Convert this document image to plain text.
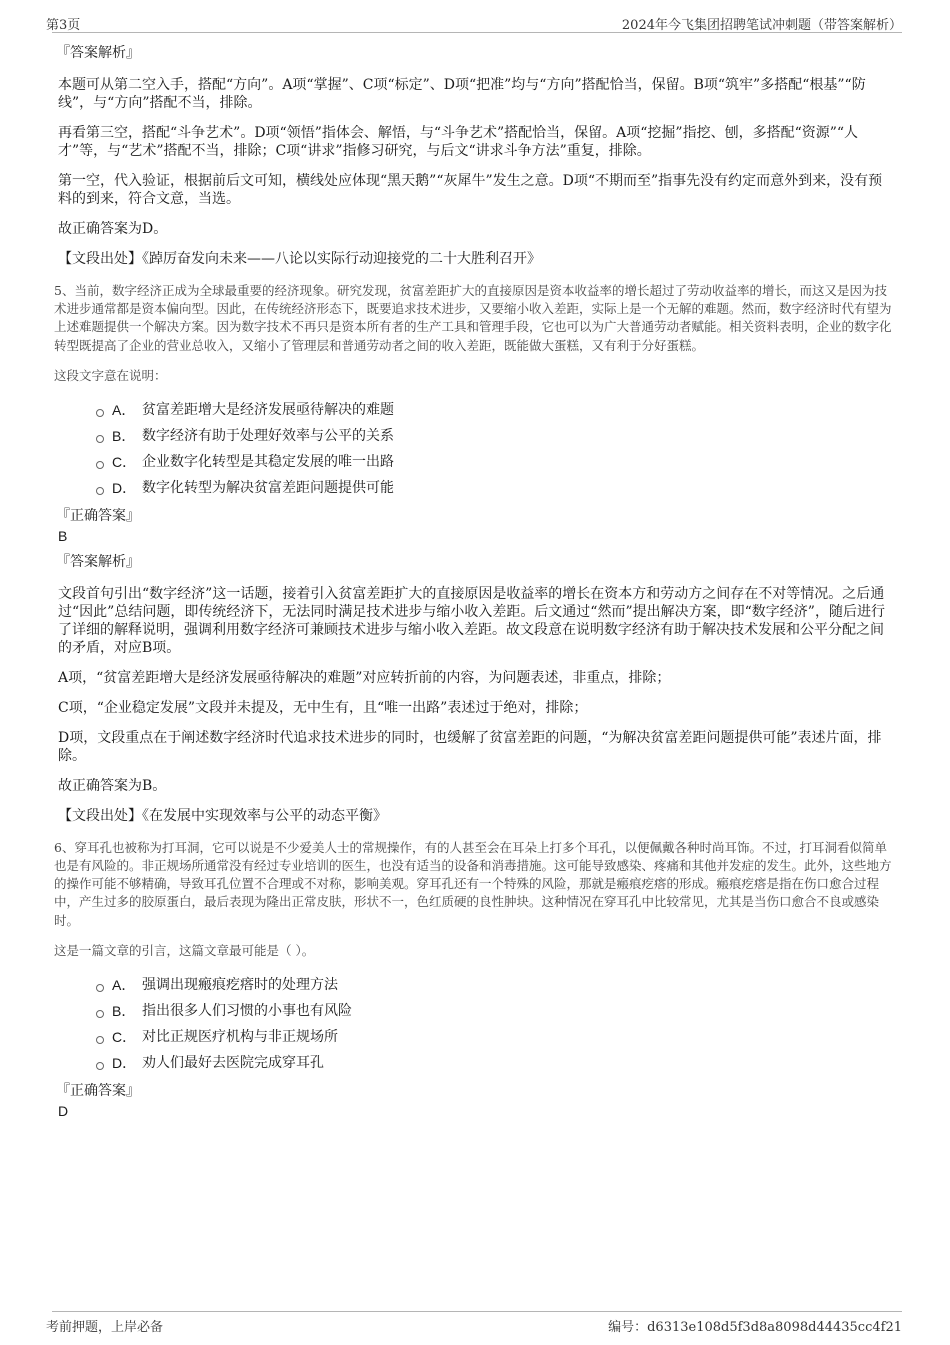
第3页	2024年今飞集团招聘笔试冲刺题（带答案解析）
『答案解析』
本题可从第二空入手，搭配“方向”。A项“掌握”、C项“标定”、D项“把准”均与“方向”搭配恰当，保留。B项“筑牢”多搭配“根基”“防线”，与“方向”搭配不当，排除。
再看第三空，搭配“斗争艺术”。D项“领悟”指体会、解悟，与“斗争艺术”搭配恰当，保留。A项“挖掘”指挖、刨，多搭配“资源”“人才”等，与“艺术”搭配不当，排除；C项“讲求”指修习研究，与后文“讲求斗争方法”重复，排除。
第一空，代入验证，根据前后文可知，横线处应体现“黑天鹅”“灰犀牛”发生之意。D项“不期而至”指事先没有约定而意外到来，没有预料的到来，符合文意，当选。
故正确答案为D。
【文段出处】《踔厉奋发向未来——八论以实际行动迎接党的二十大胜利召开》
5、当前，数字经济正成为全球最重要的经济现象。研究发现，贫富差距扩大的直接原因是资本收益率的增长超过了劳动收益率的增长，而这又是因为技术进步通常都是资本偏向型。因此，在传统经济形态下，既要追求技术进步，又要缩小收入差距，实际上是一个无解的难题。然而，数字经济时代有望为上述难题提供一个解决方案。因为数字技术不再只是资本所有者的生产工具和管理手段，它也可以为广大普通劳动者赋能。相关资料表明，企业的数字化转型既提高了企业的营业总收入，又缩小了管理层和普通劳动者之间的收入差距，既能做大蛋糕，又有利于分好蛋糕。
这段文字意在说明：
A． 贫富差距增大是经济发展亟待解决的难题
B． 数字经济有助于处理好效率与公平的关系
C． 企业数字化转型是其稳定发展的唯一出路
D． 数字化转型为解决贫富差距问题提供可能
『正确答案』
B
『答案解析』
文段首句引出“数字经济”这一话题，接着引入贫富差距扩大的直接原因是收益率的增长在资本方和劳动方之间存在不对等情况。之后通过“因此”总结问题，即传统经济下，无法同时满足技术进步与缩小收入差距。后文通过“然而”提出解决方案，即“数字经济”，随后进行了详细的解释说明，强调利用数字经济可兼顾技术进步与缩小收入差距。故文段意在说明数字经济有助于解决技术发展和公平分配之间的矛盾，对应B项。
A项，“贫富差距增大是经济发展亟待解决的难题”对应转折前的内容，为问题表述，非重点，排除；
C项，“企业稳定发展”文段并未提及，无中生有，且“唯一出路”表述过于绝对，排除；
D项，文段重点在于阐述数字经济时代追求技术进步的同时，也缓解了贫富差距的问题，“为解决贫富差距问题提供可能”表述片面，排除。
故正确答案为B。
【文段出处】《在发展中实现效率与公平的动态平衡》
6、穿耳孔也被称为打耳洞，它可以说是不少爱美人士的常规操作，有的人甚至会在耳朵上打多个耳孔，以便佩戴各种时尚耳饰。不过，打耳洞看似简单也是有风险的。非正规场所通常没有经过专业培训的医生，也没有适当的设备和消毒措施。这可能导致感染、疼痛和其他并发症的发生。此外，这些地方的操作可能不够精确，导致耳孔位置不合理或不对称，影响美观。穿耳孔还有一个特殊的风险，那就是瘢痕疙瘩的形成。瘢痕疙瘩是指在伤口愈合过程中，产生过多的胶原蛋白，最后表现为隆出正常皮肤，形状不一，色红质硬的良性肿块。这种情况在穿耳孔中比较常见，尤其是当伤口愈合不良或感染时。
这是一篇文章的引言，这篇文章最可能是（ ）。
A． 强调出现瘢痕疙瘩时的处理方法
B． 指出很多人们习惯的小事也有风险
C． 对比正规医疗机构与非正规场所
D． 劝人们最好去医院完成穿耳孔
『正确答案』
D
考前押题，上岸必备	编号：d6313e108d5f3d8a8098d44435cc4f21
